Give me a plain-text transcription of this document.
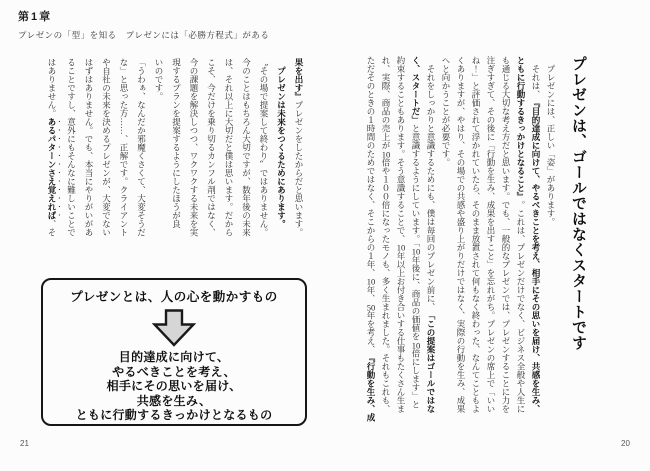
第1章
プレゼンの「型」を知る　プレゼンには「必勝方程式」がある
プレゼンは、ゴールではなくスタートです

　プレゼンには、正しい「姿」があります。

　それは、『目的達成に向けて、やるべきことを考え、相手にその思いを届け、共感を生み、

ともに行動するきっかけとなること』。これは、プレゼンだけでなく、ビジネス全般や人生に

も通じる大切な考え方だと思います。でも、一般的なプレゼンでは、プレゼンすることに力を

注ぎすぎて、その後に「行動を生み、成果を出すこと」を忘れがち。プレゼンの席上で「いい

ね！」と評価されて浮かれていたら、そのまま放置されて何もなく終わった、なんてこともよ

くありますが、やはり、その場での共感や盛り上がりだけではなく、実際の行動を生み、成果

へと向かうことが必要です。

　それをしっかりと意識するためにも、僕は毎回のプレゼン前に、「この提案はゴールではな

く、スタートだ」と意識するようにしています。「10年後に、商品の価値を10倍にします」と

約束することもあります。そう意識することで、10年以上お付き合いする仕事もたくさん生ま

れ、実際、商品の売上が10倍や１００倍になったモノも、多く生まれました。それもこれも、

ただそのときの１時間のためではなく、そこからの１年、10年、50年を考え、『行動を生み、成

果を出す』プレゼンをしたからだと思います。

　プレゼンは未来をつくるためにあります。

〝その場で提案して終わり〟ではありません。

今のことはもちろん大切ですが、数年後の未来

は、それ以上に大切だと僕は思います。だから

こそ、今だけを乗り切るカンフル剤ではなく、

今の課題を解決しつつ、ワクワクする未来を実

現するプランを提案するようにしたほうが良

いのです。

「うわぁ、なんだか邪魔くさくて、大変そうだ

な」と思った方……、正解です。クライアント

や自社の未来を決めるプレゼンが、大変でない

はずはありません。でも、本当にやりがいがあ

ることですし、意外にもそんなに難しいことで

はありません。あるパターンさえ覚えれば、そ

プレゼンとは、人の心を動かすもの
目的達成に向けて、
やるべきことを考え、
相手にその思いを届け、
共感を生み、
ともに行動するきっかけとなるもの
21	20
